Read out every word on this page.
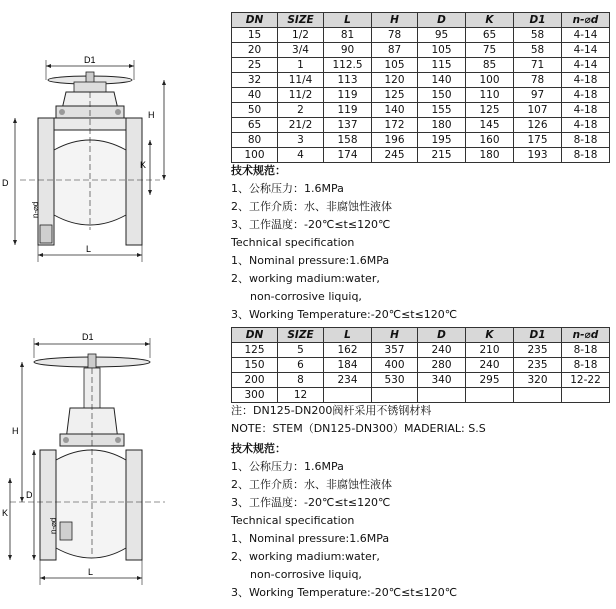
D1
H
K
D
n-⌀d
L
D1
H
K
D
n-⌀d
L
DN	SIZE	L	H	D	K	D1	n-⌀d
15	1/2	81	78	95	65	58	4-14
20	3/4	90	87	105	75	58	4-14
25	1	112.5	105	115	85	71	4-14
32	11/4	113	120	140	100	78	4-18
40	11/2	119	125	150	110	97	4-18
50	2	119	140	155	125	107	4-18
65	21/2	137	172	180	145	126	4-18
80	3	158	196	195	160	175	8-18
100	4	174	245	215	180	193	8-18
技术规范：
1、公称压力：1.6MPa
2、工作介质：水、非腐蚀性液体
3、工作温度：-20℃≤t≤120℃
Technical specification
1、Nominal pressure:1.6MPa
2、working madium:water,
non-corrosive liquiq,
3、Working Temperature:-20℃≤t≤120℃
DN	SIZE	L	H	D	K	D1	n-⌀d
125	5	162	357	240	210	235	8-18
150	6	184	400	280	240	235	8-18
200	8	234	530	340	295	320	12-22
300	12						
注：DN125-DN200阀杆采用不锈钢材料
NOTE：STEM（DN125-DN300）MADERIAL: S.S
技术规范：
1、公称压力：1.6MPa
2、工作介质：水、非腐蚀性液体
3、工作温度：-20℃≤t≤120℃
Technical specification
1、Nominal pressure:1.6MPa
2、working madium:water,
non-corrosive liquiq,
3、Working Temperature:-20℃≤t≤120℃
